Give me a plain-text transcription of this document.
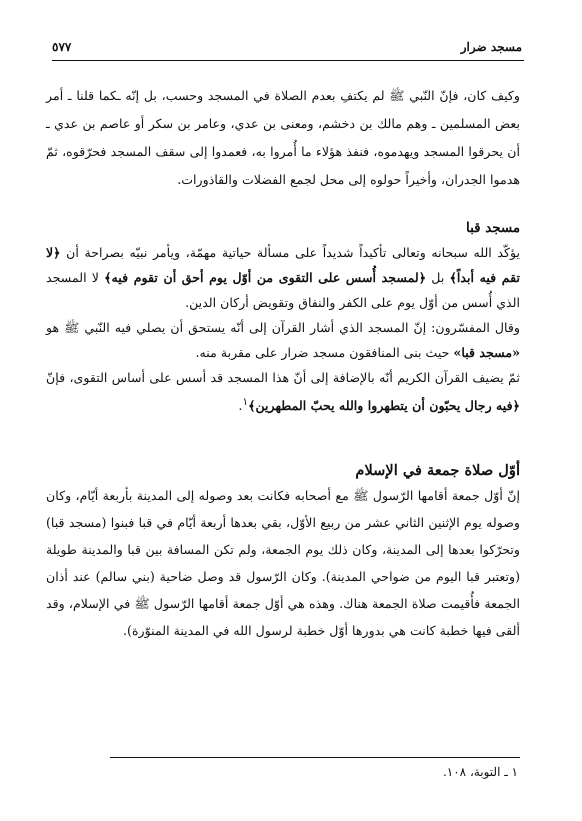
مسجد ضرار
٥٧٧

وكيف كان، فإنّ النّبي ﷺ لم يكتفِ بعدم الصلاة في المسجد وحسب، بل إنّه ـكما قلنا ـ أمر بعض المسلمين ـ وهم مالك بن دخشم، ومعنى بن عدي، وعامر بن سكر أو عاصم بن عدي ـ أن يحرقوا المسجد ويهدموه، فنفذ هؤلاء ما أُمروا به، فعمدوا إلى سقف المسجد فحرّقوه، ثمّ هدموا الجدران، وأخيراً حولوه إلى محل لجمع الفضلات والقاذورات.

مسجد قبا

يؤكّد الله سبحانه وتعالى تأكيداً شديداً على مسألة حياتية مهمّة، ويأمر نبيّه بصراحة أن ﴿لا تقم فيه أبداً﴾ بل ﴿لمسجد أُسس على التقوى من أوّل يوم أحق أن تقوم فيه﴾ لا المسجد الذي أُسس من أوّل يوم على الكفر والنفاق وتقويض أركان الدين.

وقال المفسّرون: إنّ المسجد الذي أشار القرآن إلى أنّه يستحق أن يصلي فيه النّبي ﷺ هو «مسجد قبا» حيث بنى المنافقون مسجد ضرار على مقربة منه.

ثمّ يضيف القرآن الكريم أنّه بالإضافة إلى أنّ هذا المسجد قد أسس على أساس التقوى، فإنّ ﴿فيه رجال يحبّون أن يتطهروا والله يحبّ المطهرين﴾$^١$.

أوّل صلاة جمعة في الإسلام

إنّ أوّل جمعة أقامها الرّسول ﷺ مع أصحابه فكانت بعد وصوله إلى المدينة بأربعة أيّام، وكان وصوله يوم الإثنين الثاني عشر من ربيع الأوّل، بقي بعدها أربعة أيّام في قبا فبنوا (مسجد قبا) وتحرّكوا بعدها إلى المدينة، وكان ذلك يوم الجمعة، ولم تكن المسافة بين قبا والمدينة طويلة (وتعتبر قبا اليوم من ضواحي المدينة). وكان الرّسول قد وصل ضاحية (بني سالم) عند أذان الجمعة فأُقيمت صلاة الجمعة هناك. وهذه هي أوّل جمعة أقامها الرّسول ﷺ في الإسلام، وقد ألقى فيها خطبة كانت هي بدورها أوّل خطبة لرسول الله في المدينة المنوّرة).

١ ـ التوبة، ١٠٨.
